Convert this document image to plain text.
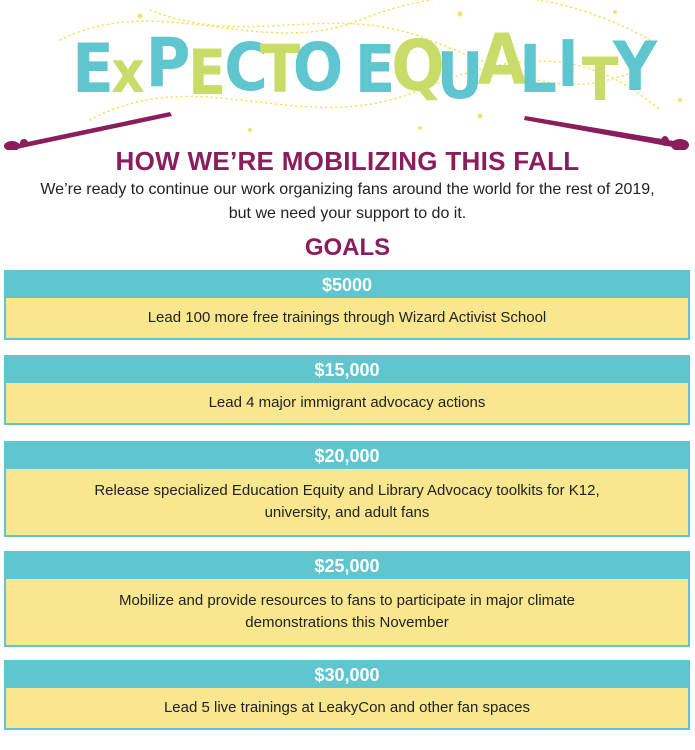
E
x P
E
C
T
O E
Q
U
A
L I T
Y
HOW WE’RE MOBILIZING THIS FALL
We’re ready to continue our work organizing fans around the world for the rest of 2019,
but we need your support to do it.
GOALS
$5000
Lead 100 more free trainings through Wizard Activist School
$15,000
Lead 4 major immigrant advocacy actions
$20,000
Release specialized Education Equity and Library Advocacy toolkits for K12,
university, and adult fans
$25,000
Mobilize and provide resources to fans to participate in major climate
demonstrations this November
$30,000
Lead 5 live trainings at LeakyCon and other fan spaces
